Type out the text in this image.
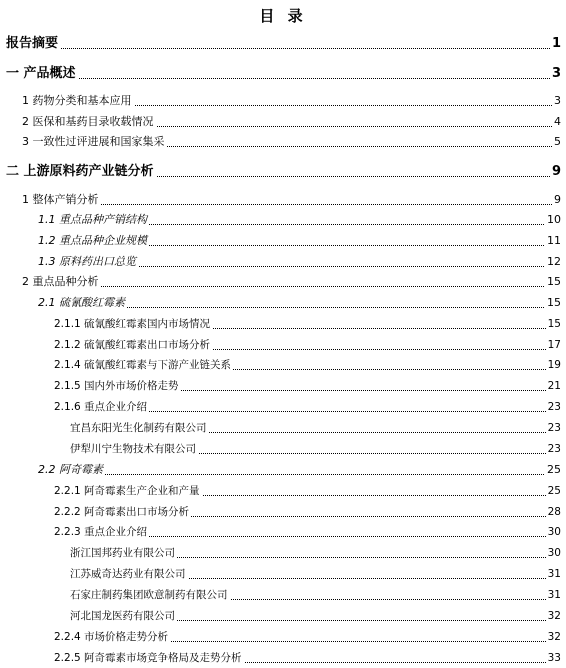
目 录
报告摘要	1
一 产品概述	3
1 药物分类和基本应用	3
2 医保和基药目录收载情况	4
3 一致性过评进展和国家集采	5
二 上游原料药产业链分析	9
1 整体产销分析	9
1.1 重点品种产销结构	10
1.2 重点品种企业规模	11
1.3 原料药出口总览	12
2 重点品种分析	15
2.1 硫氰酸红霉素	15
2.1.1 硫氰酸红霉素国内市场情况	15
2.1.2 硫氰酸红霉素出口市场分析	17
2.1.4 硫氰酸红霉素与下游产业链关系	19
2.1.5 国内外市场价格走势	21
2.1.6 重点企业介绍	23
宜昌东阳光生化制药有限公司	23
伊犁川宁生物技术有限公司	23
2.2 阿奇霉素	25
2.2.1 阿奇霉素生产企业和产量	25
2.2.2 阿奇霉素出口市场分析	28
2.2.3 重点企业介绍	30
浙江国邦药业有限公司	30
江苏威奇达药业有限公司	31
石家庄制药集团欧意制药有限公司	31
河北国龙医药有限公司	32
2.2.4 市场价格走势分析	32
2.2.5 阿奇霉素市场竞争格局及走势分析	33
